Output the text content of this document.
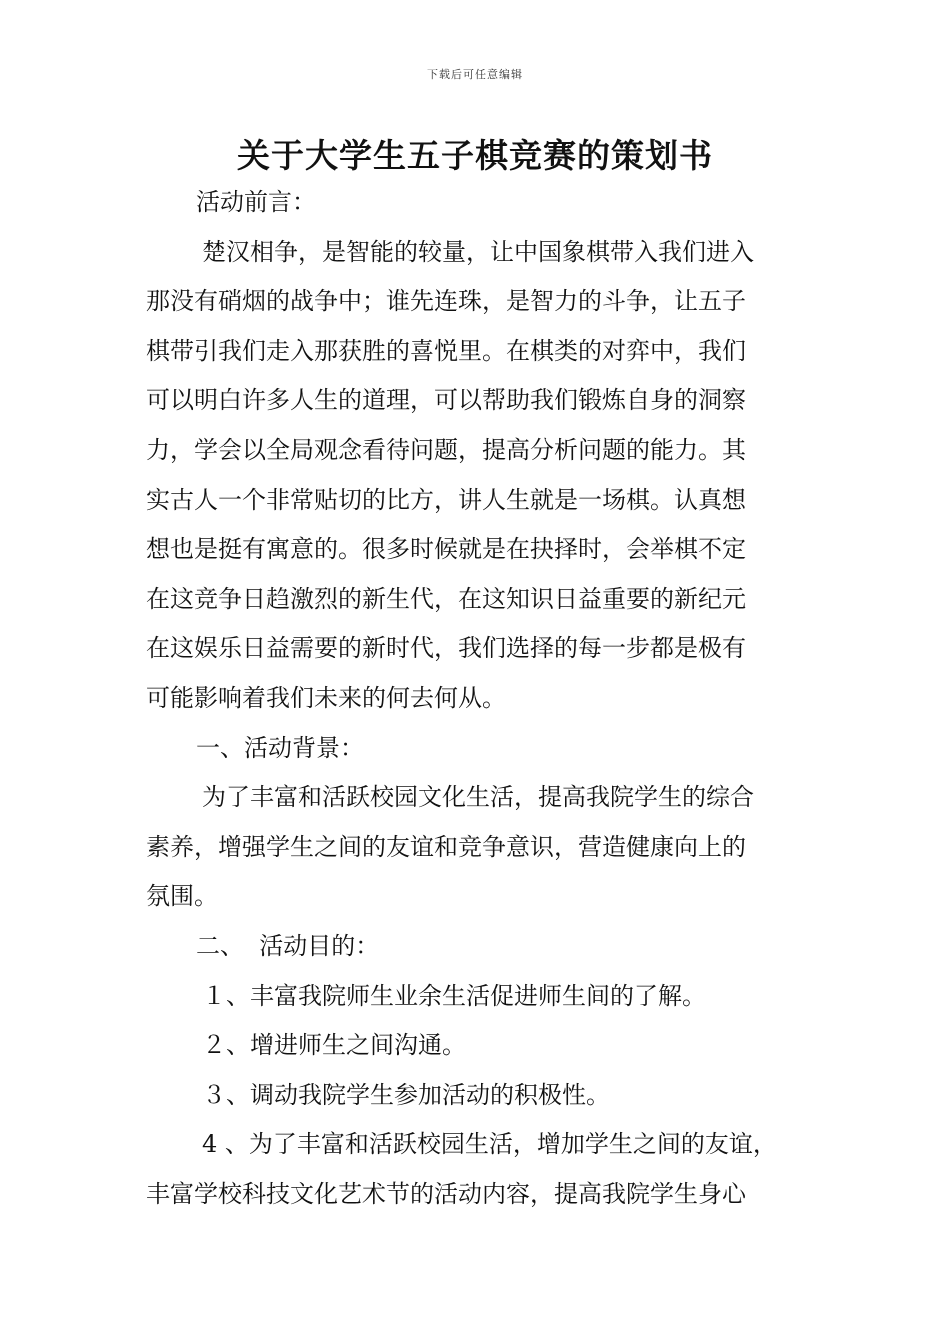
下载后可任意编辑
关于大学生五子棋竞赛的策划书

活动前言：

楚汉相争，是智能的较量，让中国象棋带入我们进入

那没有硝烟的战争中；谁先连珠，是智力的斗争，让五子

棋带引我们走入那获胜的喜悦里。在棋类的对弈中，我们

可以明白许多人生的道理，可以帮助我们锻炼自身的洞察

力，学会以全局观念看待问题，提高分析问题的能力。其

实古人一个非常贴切的比方，讲人生就是一场棋。认真想

想也是挺有寓意的。很多时候就是在抉择时，会举棋不定

在这竞争日趋激烈的新生代，在这知识日益重要的新纪元

在这娱乐日益需要的新时代，我们选择的每一步都是极有

可能影响着我们未来的何去何从。

一、活动背景：

为了丰富和活跃校园文化生活，提高我院学生的综合

素养，增强学生之间的友谊和竞争意识，营造健康向上的

氛围。

二、  活动目的：

１、丰富我院师生业余生活促进师生间的了解。

２、增进师生之间沟通。

３、调动我院学生参加活动的积极性。

4 、为了丰富和活跃校园生活，增加学生之间的友谊，

丰富学校科技文化艺术节的活动内容，提高我院学生身心
